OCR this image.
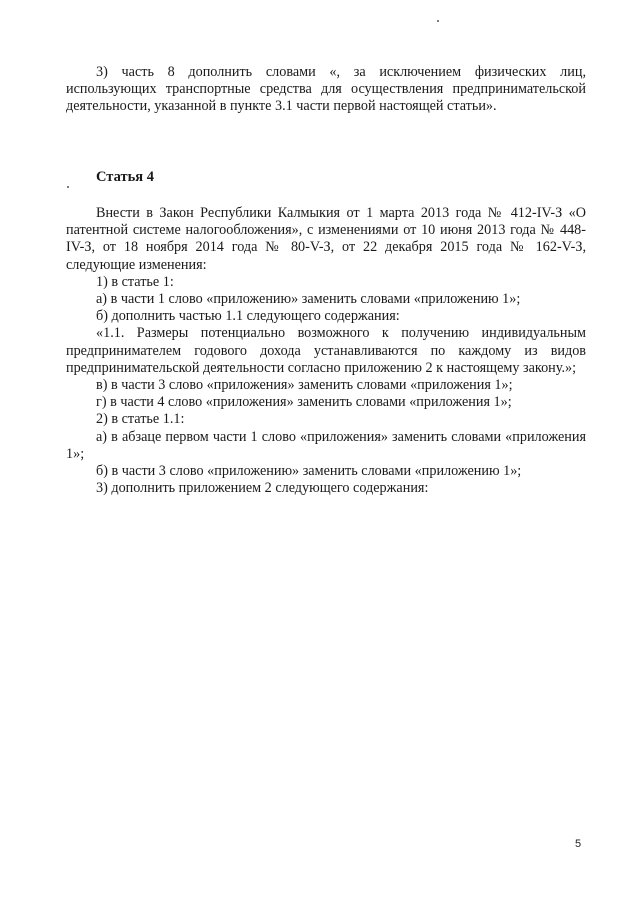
3) часть 8 дополнить словами «, за исключением физических лиц, использующих транспортные средства для осуществления предпринимательской деятельности, указанной в пункте 3.1 части первой настоящей статьи».

Статья 4

Внести в Закон Республики Калмыкия от 1 марта 2013 года № 412-IV-З «О патентной системе налогообложения», с изменениями от 10 июня 2013 года № 448-IV-З, от 18 ноября 2014 года № 80-V-З, от 22 декабря 2015 года № 162-V-З, следующие изменения:

1) в статье 1:

а) в части 1 слово «приложению» заменить словами «приложению 1»;

б) дополнить частью 1.1 следующего содержания:

«1.1. Размеры потенциально возможного к получению индивидуальным предпринимателем годового дохода устанавливаются по каждому из видов предпринимательской деятельности согласно приложению 2 к настоящему закону.»;

в) в части 3 слово «приложения» заменить словами «приложения 1»;

г) в части 4 слово «приложения» заменить словами «приложения 1»;

2) в статье 1.1:

а) в абзаце первом части 1 слово «приложения» заменить словами «приложения 1»;

б) в части 3 слово «приложению» заменить словами «приложению 1»;

3) дополнить приложением 2 следующего содержания:

5
